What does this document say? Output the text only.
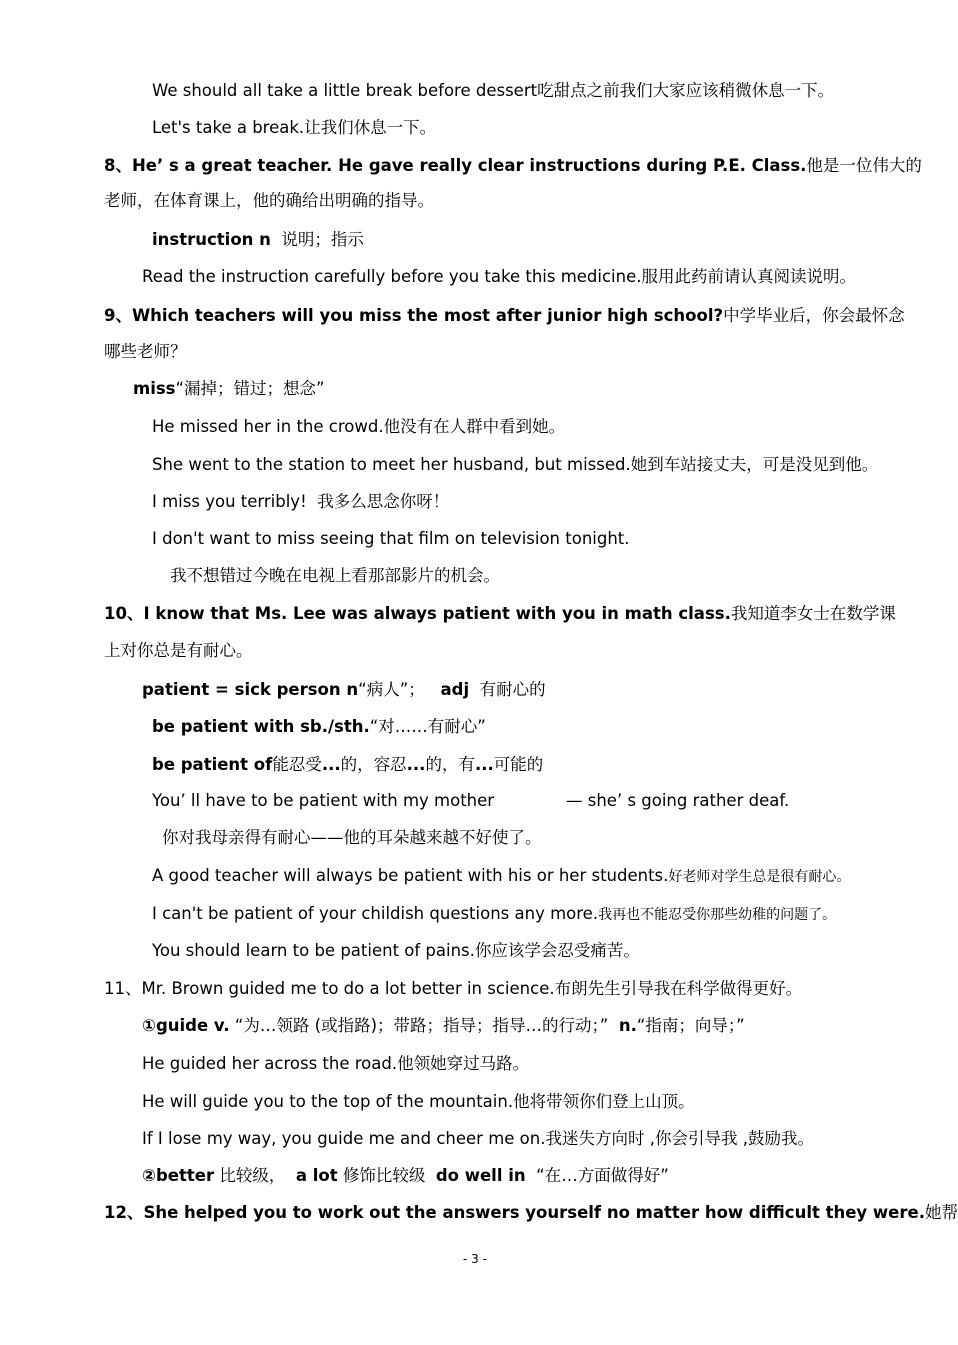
We should all take a little break before dessert吃甜点之前我们大家应该稍微休息一下。
Let's take a break.让我们休息一下。
8、He’ s a great teacher. He gave really clear instructions during P.E. Class.他是一位伟大的
老师，在体育课上，他的确给出明确的指导。
instruction n 说明；指示
Read the instruction carefully before you take this medicine.服用此药前请认真阅读说明。
9、Which teachers will you miss the most after junior high school?中学毕业后，你会最怀念
哪些老师？
miss“漏掉；错过；想念”
He missed her in the crowd.他没有在人群中看到她。
She went to the station to meet her husband, but missed.她到车站接丈夫，可是没见到他。
I miss you terribly! 我多么思念你呀！
I don't want to miss seeing that film on television tonight.
我不想错过今晚在电视上看那部影片的机会。
10、I know that Ms. Lee was always patient with you in math class.我知道李女士在数学课
上对你总是有耐心。
patient = sick person n“病人”； adj 有耐心的
be patient with sb./sth.“对……有耐心”
be patient of能忍受...的，容忍...的，有...可能的
You’ ll have to be patient with my mother	— she’ s going rather deaf.
你对我母亲得有耐心——他的耳朵越来越不好使了。
A good teacher will always be patient with his or her students.好老师对学生总是很有耐心。
I can't be patient of your childish questions any more.我再也不能忍受你那些幼稚的问题了。
You should learn to be patient of pains.你应该学会忍受痛苦。
11、Mr. Brown guided me to do a lot better in science.布朗先生引导我在科学做得更好。
①guide v. “为…领路 (或指路)；带路；指导；指导…的行动；” n.“指南；向导；”
He guided her across the road.他领她穿过马路。
He will guide you to the top of the mountain.他将带领你们登上山顶。
If I lose my way, you guide me and cheer me on.我迷失方向时 ,你会引导我 ,鼓励我。
②better 比较级， a lot 修饰比较级 do well in “在…方面做得好”
12、She helped you to work out the answers yourself no matter how difficult they were.她帮
- 3 -
